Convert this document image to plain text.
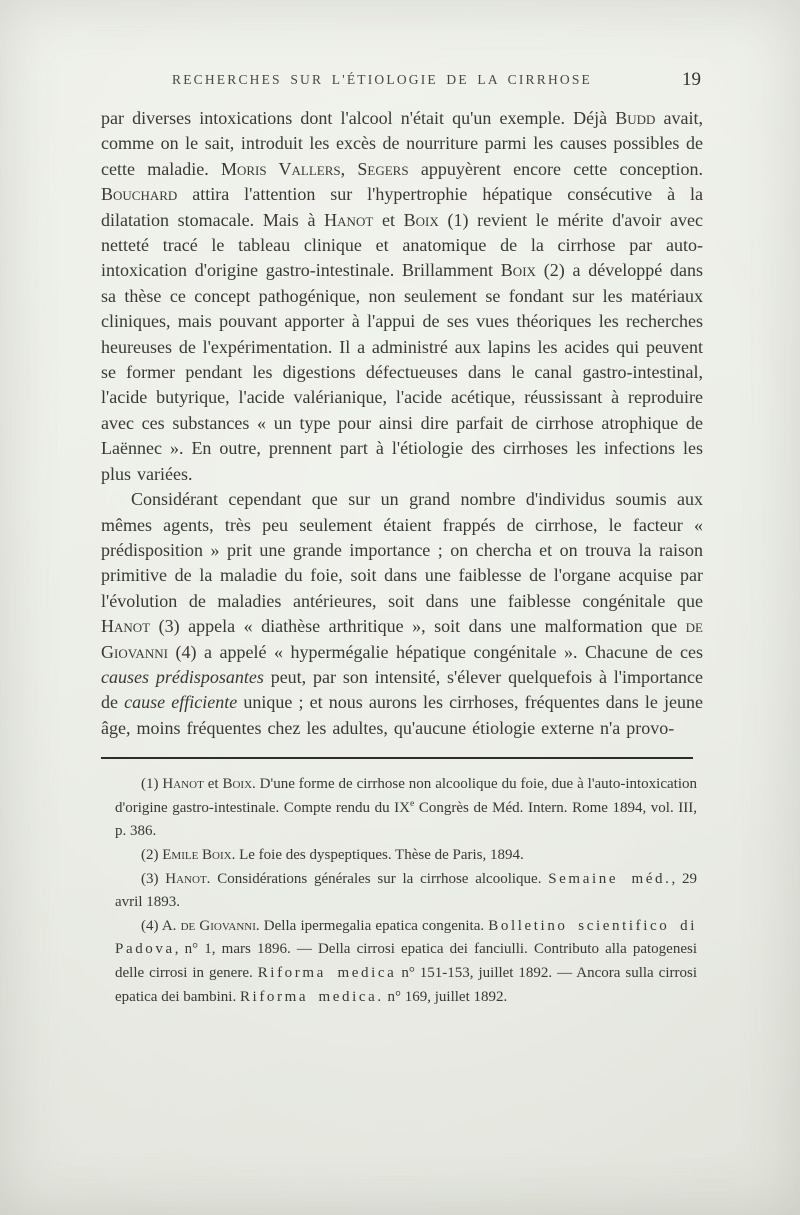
RECHERCHES SUR L'ÉTIOLOGIE DE LA CIRRHOSE	19

par diverses intoxications dont l'alcool n'était qu'un exemple. Déjà Budd avait, comme on le sait, introduit les excès de nourriture parmi les causes possibles de cette maladie. Moris Vallers, Segers appuyèrent encore cette conception. Bouchard attira l'attention sur l'hypertrophie hépatique consécutive à la dilatation stomacale. Mais à Hanot et Boix (1) revient le mérite d'avoir avec netteté tracé le tableau clinique et anatomique de la cirrhose par auto-intoxication d'origine gastro-intestinale. Brillamment Boix (2) a développé dans sa thèse ce concept pathogénique, non seulement se fondant sur les matériaux cliniques, mais pouvant apporter à l'appui de ses vues théoriques les recherches heureuses de l'expérimentation. Il a administré aux lapins les acides qui peuvent se former pendant les digestions défectueuses dans le canal gastro-intestinal, l'acide butyrique, l'acide valérianique, l'acide acétique, réussissant à reproduire avec ces substances « un type pour ainsi dire parfait de cirrhose atrophique de Laënnec ». En outre, prennent part à l'étiologie des cirrhoses les infections les plus variées.

Considérant cependant que sur un grand nombre d'individus soumis aux mêmes agents, très peu seulement étaient frappés de cirrhose, le facteur « prédisposition » prit une grande importance ; on chercha et on trouva la raison primitive de la maladie du foie, soit dans une faiblesse de l'organe acquise par l'évolution de maladies antérieures, soit dans une faiblesse congénitale que Hanot (3) appela « diathèse arthritique », soit dans une malformation que de Giovanni (4) a appelé « hypermégalie hépatique congénitale ». Chacune de ces causes prédisposantes peut, par son intensité, s'élever quelquefois à l'importance de cause efficiente unique ; et nous aurons les cirrhoses, fréquentes dans le jeune âge, moins fréquentes chez les adultes, qu'aucune étiologie externe n'a provo-

(1) Hanot et Boix. D'une forme de cirrhose non alcoolique du foie, due à l'auto-intoxication d'origine gastro-intestinale. Compte rendu du IXe Congrès de Méd. Intern. Rome 1894, vol. III, p. 386.

(2) Emile Boix. Le foie des dyspeptiques. Thèse de Paris, 1894.

(3) Hanot. Considérations générales sur la cirrhose alcoolique. Semaine méd., 29 avril 1893.

(4) A. de Giovanni. Della ipermegalia epatica congenita. Bolletino scientifico di Padova, n° 1, mars 1896. — Della cirrosi epatica dei fanciulli. Contributo alla patogenesi delle cirrosi in genere. Riforma medica n° 151-153, juillet 1892. — Ancora sulla cirrosi epatica dei bambini. Riforma medica. n° 169, juillet 1892.
